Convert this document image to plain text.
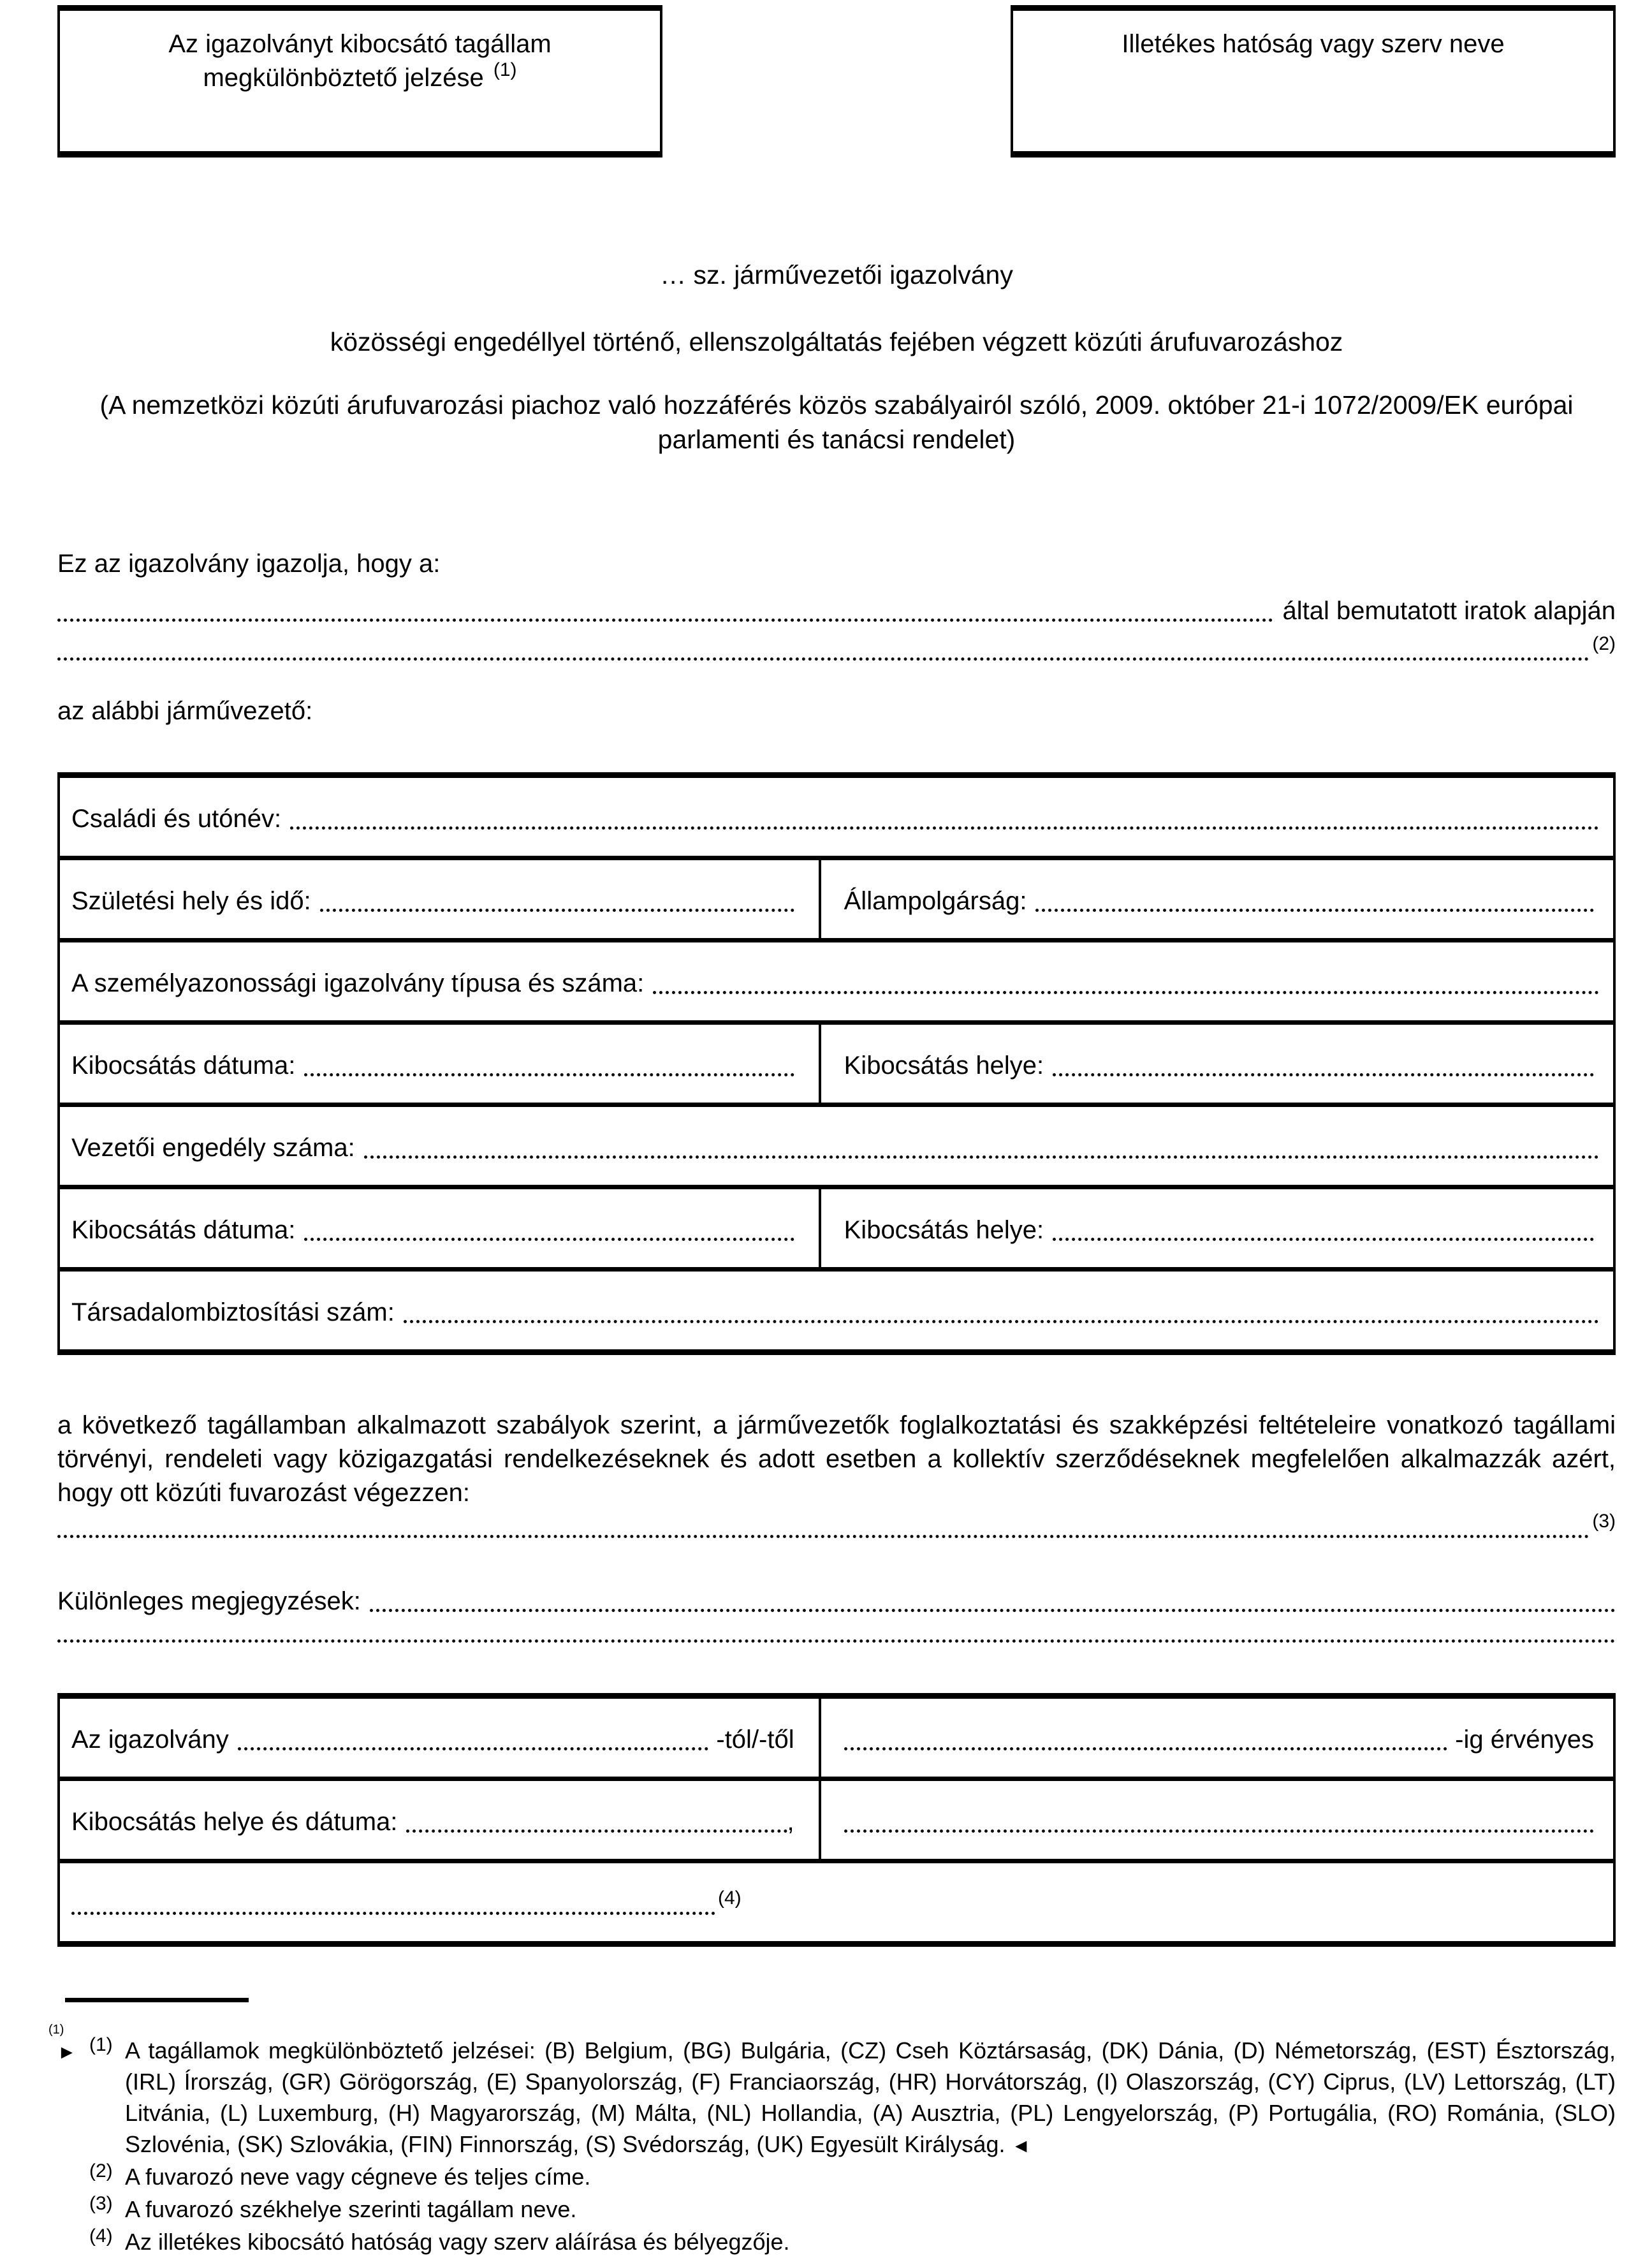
Az igazolványt kibocsátó tagállam megkülönböztető jelzése $^{(1)}$
Illetékes hatóság vagy szerv neve

… sz. járművezetői igazolvány

közösségi engedéllyel történő, ellenszolgáltatás fejében végzett közúti árufuvarozáshoz

(A nemzetközi közúti árufuvarozási piachoz való hozzáférés közös szabályairól szóló, 2009. október 21-i 1072/2009/EK európai parlamenti és tanácsi rendelet)

Ez az igazolvány igazolja, hogy a:

által bemutatott iratok alapján
(2)

az alábbi járművezető:

Családi és utónév:
Születési hely és idő:	Állampolgárság:
A személyazonossági igazolvány típusa és száma:
Kibocsátás dátuma:	Kibocsátás helye:
Vezetői engedély száma:
Kibocsátás dátuma:	Kibocsátás helye:
Társadalombiztosítási szám:

a következő tagállamban alkalmazott szabályok szerint, a járművezetők foglalkoztatási és szakképzési feltételeire vonatkozó tagállami törvényi, rendeleti vagy közigazgatási rendelkezéseknek és adott esetben a kollektív szerződéseknek megfelelően alkalmazzák azért, hogy ott közúti fuvarozást végezzen:

(3)
Különleges megjegyzések:
Az igazolvány	-tól/-től	-ig érvényes
Kibocsátás helye és dátuma:	,
(4)
(1)
► $^{(1)}$ A tagállamok megkülönböztető jelzései: (B) Belgium, (BG) Bulgária, (CZ) Cseh Köztársaság, (DK) Dánia, (D) Németország, (EST) Észtország, (IRL) Írország, (GR) Görögország, (E) Spanyolország, (F) Franciaország, (HR) Horvátország, (I) Olaszország, (CY) Ciprus, (LV) Lettország, (LT) Litvánia, (L) Luxemburg, (H) Magyarország, (M) Málta, (NL) Hollandia, (A) Ausztria, (PL) Lengyelország, (P) Portugália, (RO) Románia, (SLO) Szlovénia, (SK) Szlovákia, (FIN) Finnország, (S) Svédország, (UK) Egyesült Királyság. ◄
$^{(2)}$ A fuvarozó neve vagy cégneve és teljes címe.
$^{(3)}$ A fuvarozó székhelye szerinti tagállam neve.
$^{(4)}$ Az illetékes kibocsátó hatóság vagy szerv aláírása és bélyegzője.
